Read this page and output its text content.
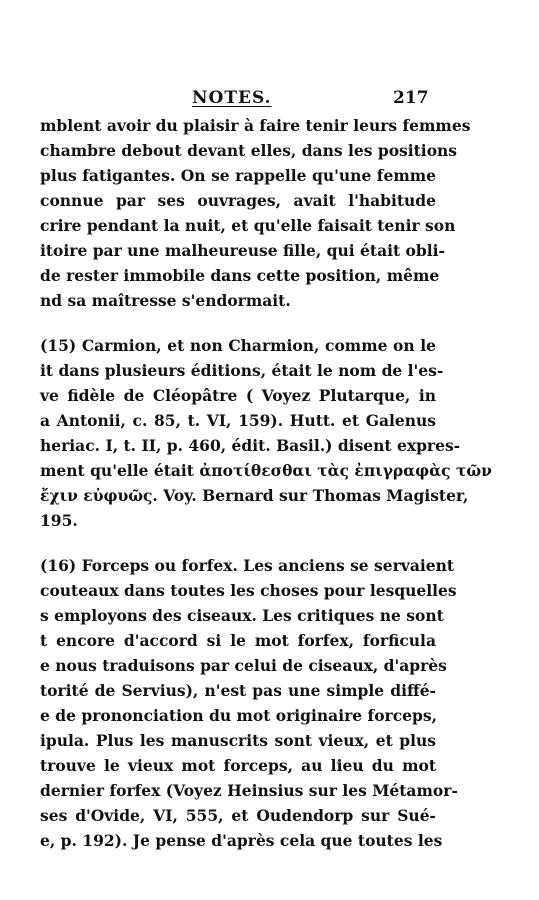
NOTES.	217
mblent avoir du plaisir à faire tenir leurs femmes
chambre debout devant elles, dans les positions
plus fatigantes. On se rappelle qu'une femme
connue par ses ouvrages, avait l'habitude
crire pendant la nuit, et qu'elle faisait tenir son
itoire par une malheureuse fille, qui était obli-
de rester immobile dans cette position, même
nd sa maîtresse s'endormait.
(15) Carmion, et non Charmion, comme on le
it dans plusieurs éditions, était le nom de l'es-
ve fidèle de Cléopâtre ( Voyez Plutarque, in
a Antonii, c. 85, t. VI, 159). Hutt. et Galenus
heriac. I, t. II, p. 460, édit. Basil.) disent expres-
ment qu'elle était ἀποτίθεσθαι τὰς ἐπιγραφὰς τῶν
ἔχιν εὐφυῶς. Voy. Bernard sur Thomas Magister,
195.
(16) Forceps ou forfex. Les anciens se servaient
couteaux dans toutes les choses pour lesquelles
s employons des ciseaux. Les critiques ne sont
t encore d'accord si le mot forfex, forficula
e nous traduisons par celui de ciseaux, d'après
torité de Servius), n'est pas une simple diffé-
e de prononciation du mot originaire forceps,
ipula. Plus les manuscrits sont vieux, et plus
trouve le vieux mot forceps, au lieu du mot
dernier forfex (Voyez Heinsius sur les Métamor-
ses d'Ovide, VI, 555, et Oudendorp sur Sué-
e, p. 192). Je pense d'après cela que toutes les
